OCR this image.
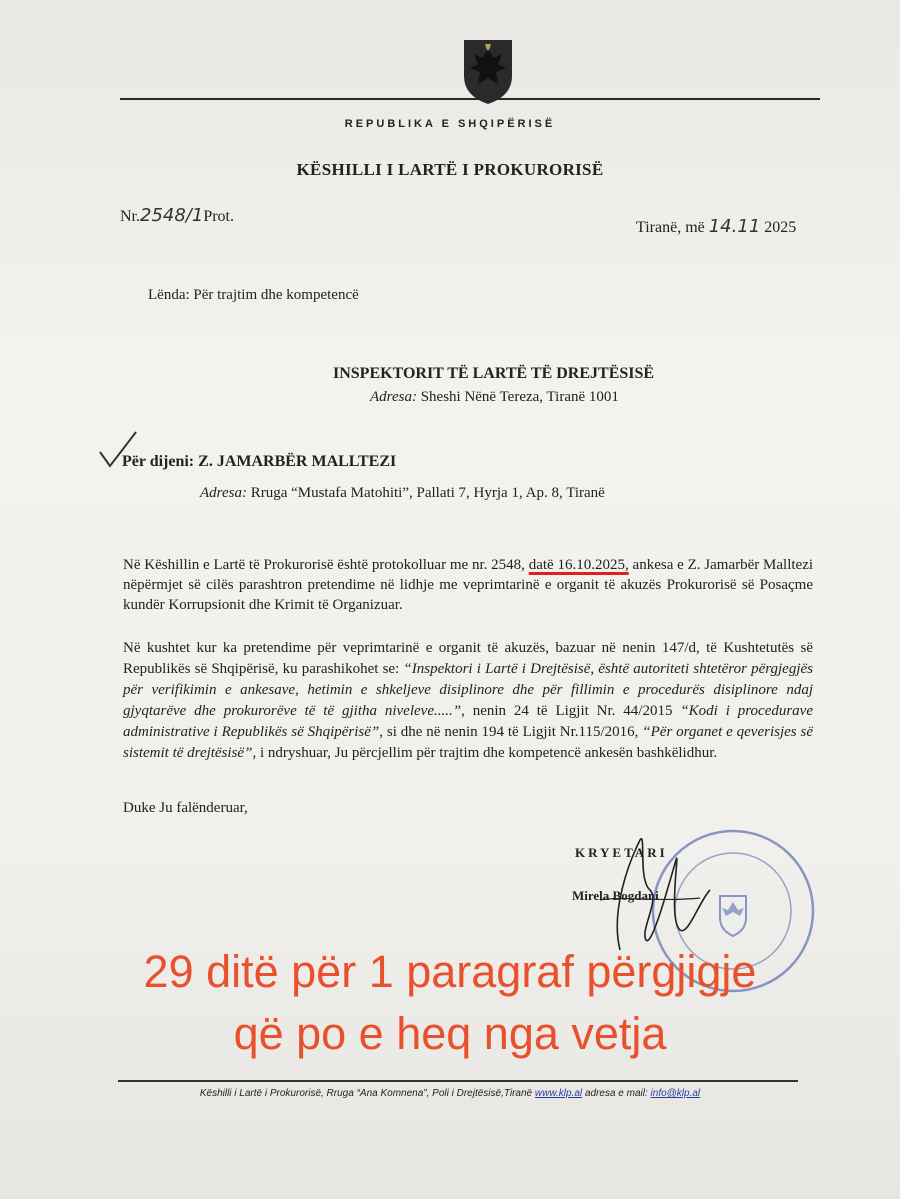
REPUBLIKA E SHQIPËRISË
KËSHILLI I LARTË I PROKURORISË
Nr.2548/1Prot.
Tiranë, më 14.11 2025
Lënda: Për trajtim dhe kompetencë
INSPEKTORIT TË LARTË TË DREJTËSISË
Adresa: Sheshi Nënë Tereza, Tiranë 1001
Për dijeni: Z. JAMARBËR MALLTEZI
Adresa: Rruga “Mustafa Matohiti”, Pallati 7, Hyrja 1, Ap. 8, Tiranë
Në Këshillin e Lartë të Prokurorisë është protokolluar me nr. 2548, datë 16.10.2025, ankesa e Z. Jamarbër Malltezi nëpërmjet së cilës parashtron pretendime në lidhje me veprimtarinë e organit të akuzës Prokurorisë së Posaçme kundër Korrupsionit dhe Krimit të Organizuar.
Në kushtet kur ka pretendime për veprimtarinë e organit të akuzës, bazuar në nenin 147/d, të Kushtetutës së Republikës së Shqipërisë, ku parashikohet se: “Inspektori i Lartë i Drejtësisë, është autoriteti shtetëror përgjegjës për verifikimin e ankesave, hetimin e shkeljeve disiplinore dhe për fillimin e procedurës disiplinore ndaj gjyqtarëve dhe prokurorëve të të gjitha niveleve.....”, nenin 24 të Ligjit Nr. 44/2015 “Kodi i procedurave administrative i Republikës së Shqipërisë”, si dhe në nenin 194 të Ligjit Nr.115/2016, “Për organet e qeverisjes së sistemit të drejtësisë”, i ndryshuar, Ju përcjellim për trajtim dhe kompetencë ankesën bashkëlidhur.
Duke Ju falënderuar,
KRYETARI
Mirela Bogdani
29 ditë për 1 paragraf përgjigje
që po e heq nga vetja
Këshilli i Lartë i Prokurorisë, Rruga “Ana Komnena”, Poli i Drejtësisë,Tiranë www.klp.al adresa e mail: info@klp.al
